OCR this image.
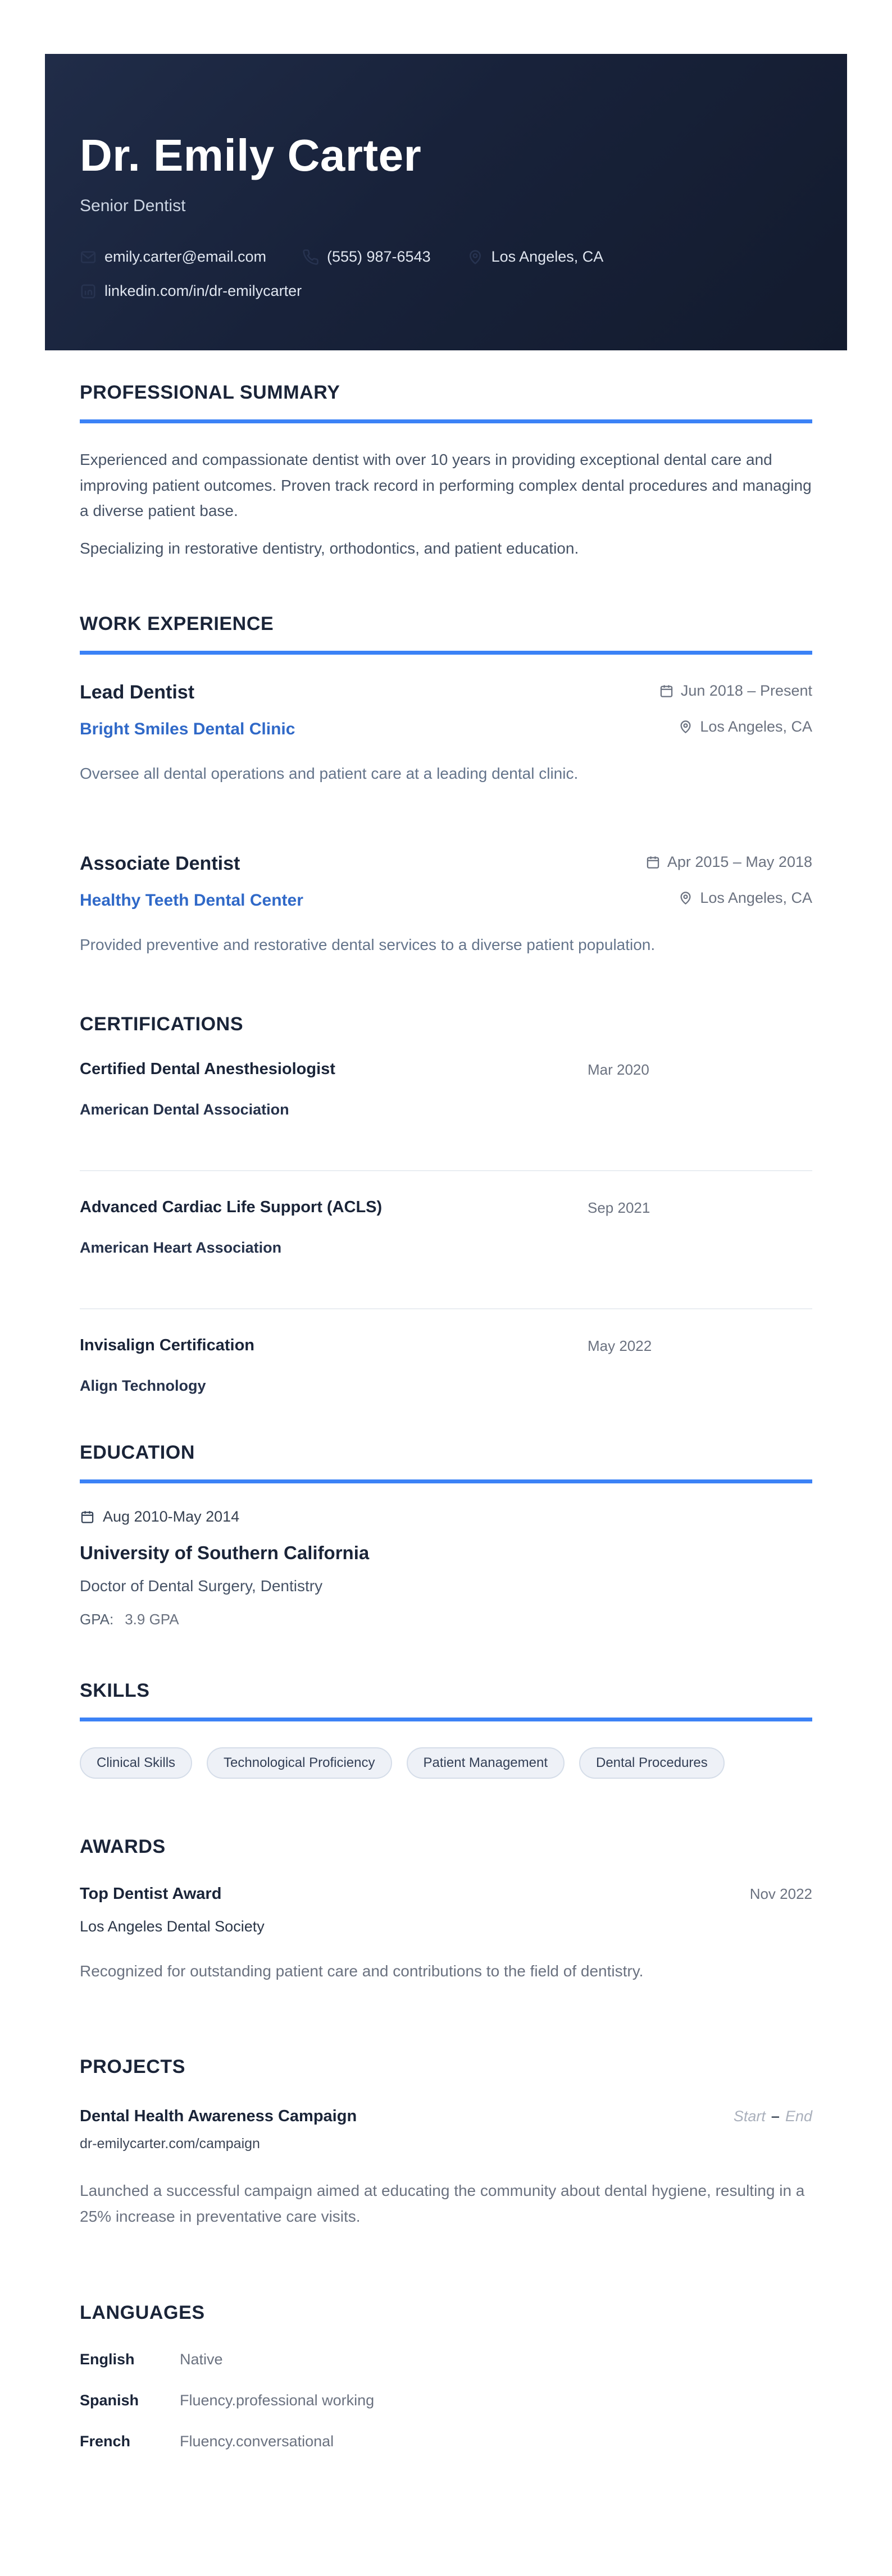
Dr. Emily Carter
Senior Dentist
emily.carter@email.com	(555) 987-6543	Los Angeles, CA
linkedin.com/in/dr-emilycarter
PROFESSIONAL SUMMARY

Experienced and compassionate dentist with over 10 years in providing exceptional dental care and improving patient outcomes. Proven track record in performing complex dental procedures and managing a diverse patient base.

Specializing in restorative dentistry, orthodontics, and patient education.

WORK EXPERIENCE
Lead Dentist	Jun 2018 – Present
Bright Smiles Dental Clinic	Los Angeles, CA

Oversee all dental operations and patient care at a leading dental clinic.

Associate Dentist	Apr 2015 – May 2018
Healthy Teeth Dental Center	Los Angeles, CA

Provided preventive and restorative dental services to a diverse patient population.

CERTIFICATIONS
Certified Dental Anesthesiologist

American Dental Association

Mar 2020
Advanced Cardiac Life Support (ACLS)

American Heart Association

Sep 2021
Invisalign Certification

Align Technology

May 2022
EDUCATION
Aug 2010-May 2014
University of Southern California

Doctor of Dental Surgery, Dentistry

GPA: 3.9 GPA

SKILLS
Clinical Skills	Technological Proficiency	Patient Management	Dental Procedures
AWARDS
Top Dentist Award	Nov 2022

Los Angeles Dental Society

Recognized for outstanding patient care and contributions to the field of dentistry.

PROJECTS
Dental Health Awareness Campaign	Start – End

dr-emilycarter.com/campaign

Launched a successful campaign aimed at educating the community about dental hygiene, resulting in a 25% increase in preventative care visits.

LANGUAGES
English	Native
Spanish	Fluency.professional working
French	Fluency.conversational
